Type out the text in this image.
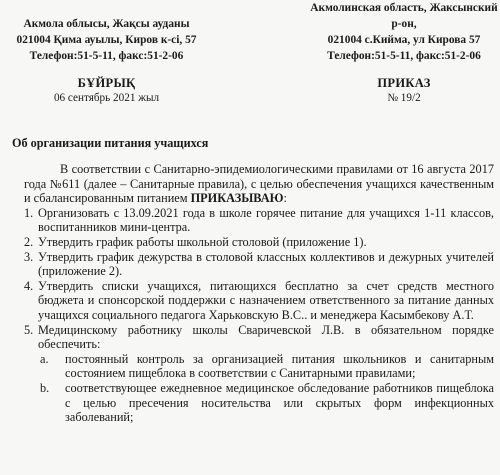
Акмола облысы, Жақсы ауданы
021004 Қима ауылы, Киров к-сі, 57
Телефон:51-5-11, факс:51-2-06
Акмолинская область, Жаксынский
р-он,
021004 с.Кийма, ул Кирова 57
Телефон:51-5-11, факс:51-2-06
БҰЙРЫҚ
06 сентябрь 2021 жыл
ПРИКАЗ
№ 19/2
Об организации питания учащихся

В соответствии с Санитарно-эпидемиологическими правилами от 16 августа 2017 года №611 (далее – Санитарные правила), с целью обеспечения учащихся качественным и сбалансированным питанием ПРИКАЗЫВАЮ:

1. Организовать с 13.09.2021 года в школе горячее питание для учащихся 1-11 классов, воспитанников мини-центра.
2. Утвердить график работы школьной столовой (приложение 1).
3. Утвердить график дежурства в столовой классных коллективов и дежурных учителей (приложение 2).
4. Утвердить списки учащихся, питающихся бесплатно за счет средств местного бюджета и спонсорской поддержки с назначением ответственного за питание данных учащихся социального педагога Харьковскую В.С.. и менеджера Касымбекову А.Т.
5. Медицинскому работнику школы Сваричевской Л.В. в обязательном порядке обеспечить:
a. постоянный контроль за организацией питания школьников и санитарным состоянием пищеблока в соответствии с Санитарными правилами;
b. соответствующее ежедневное медицинское обследование работников пищеблока с целью пресечения носительства или скрытых форм инфекционных заболеваний;
